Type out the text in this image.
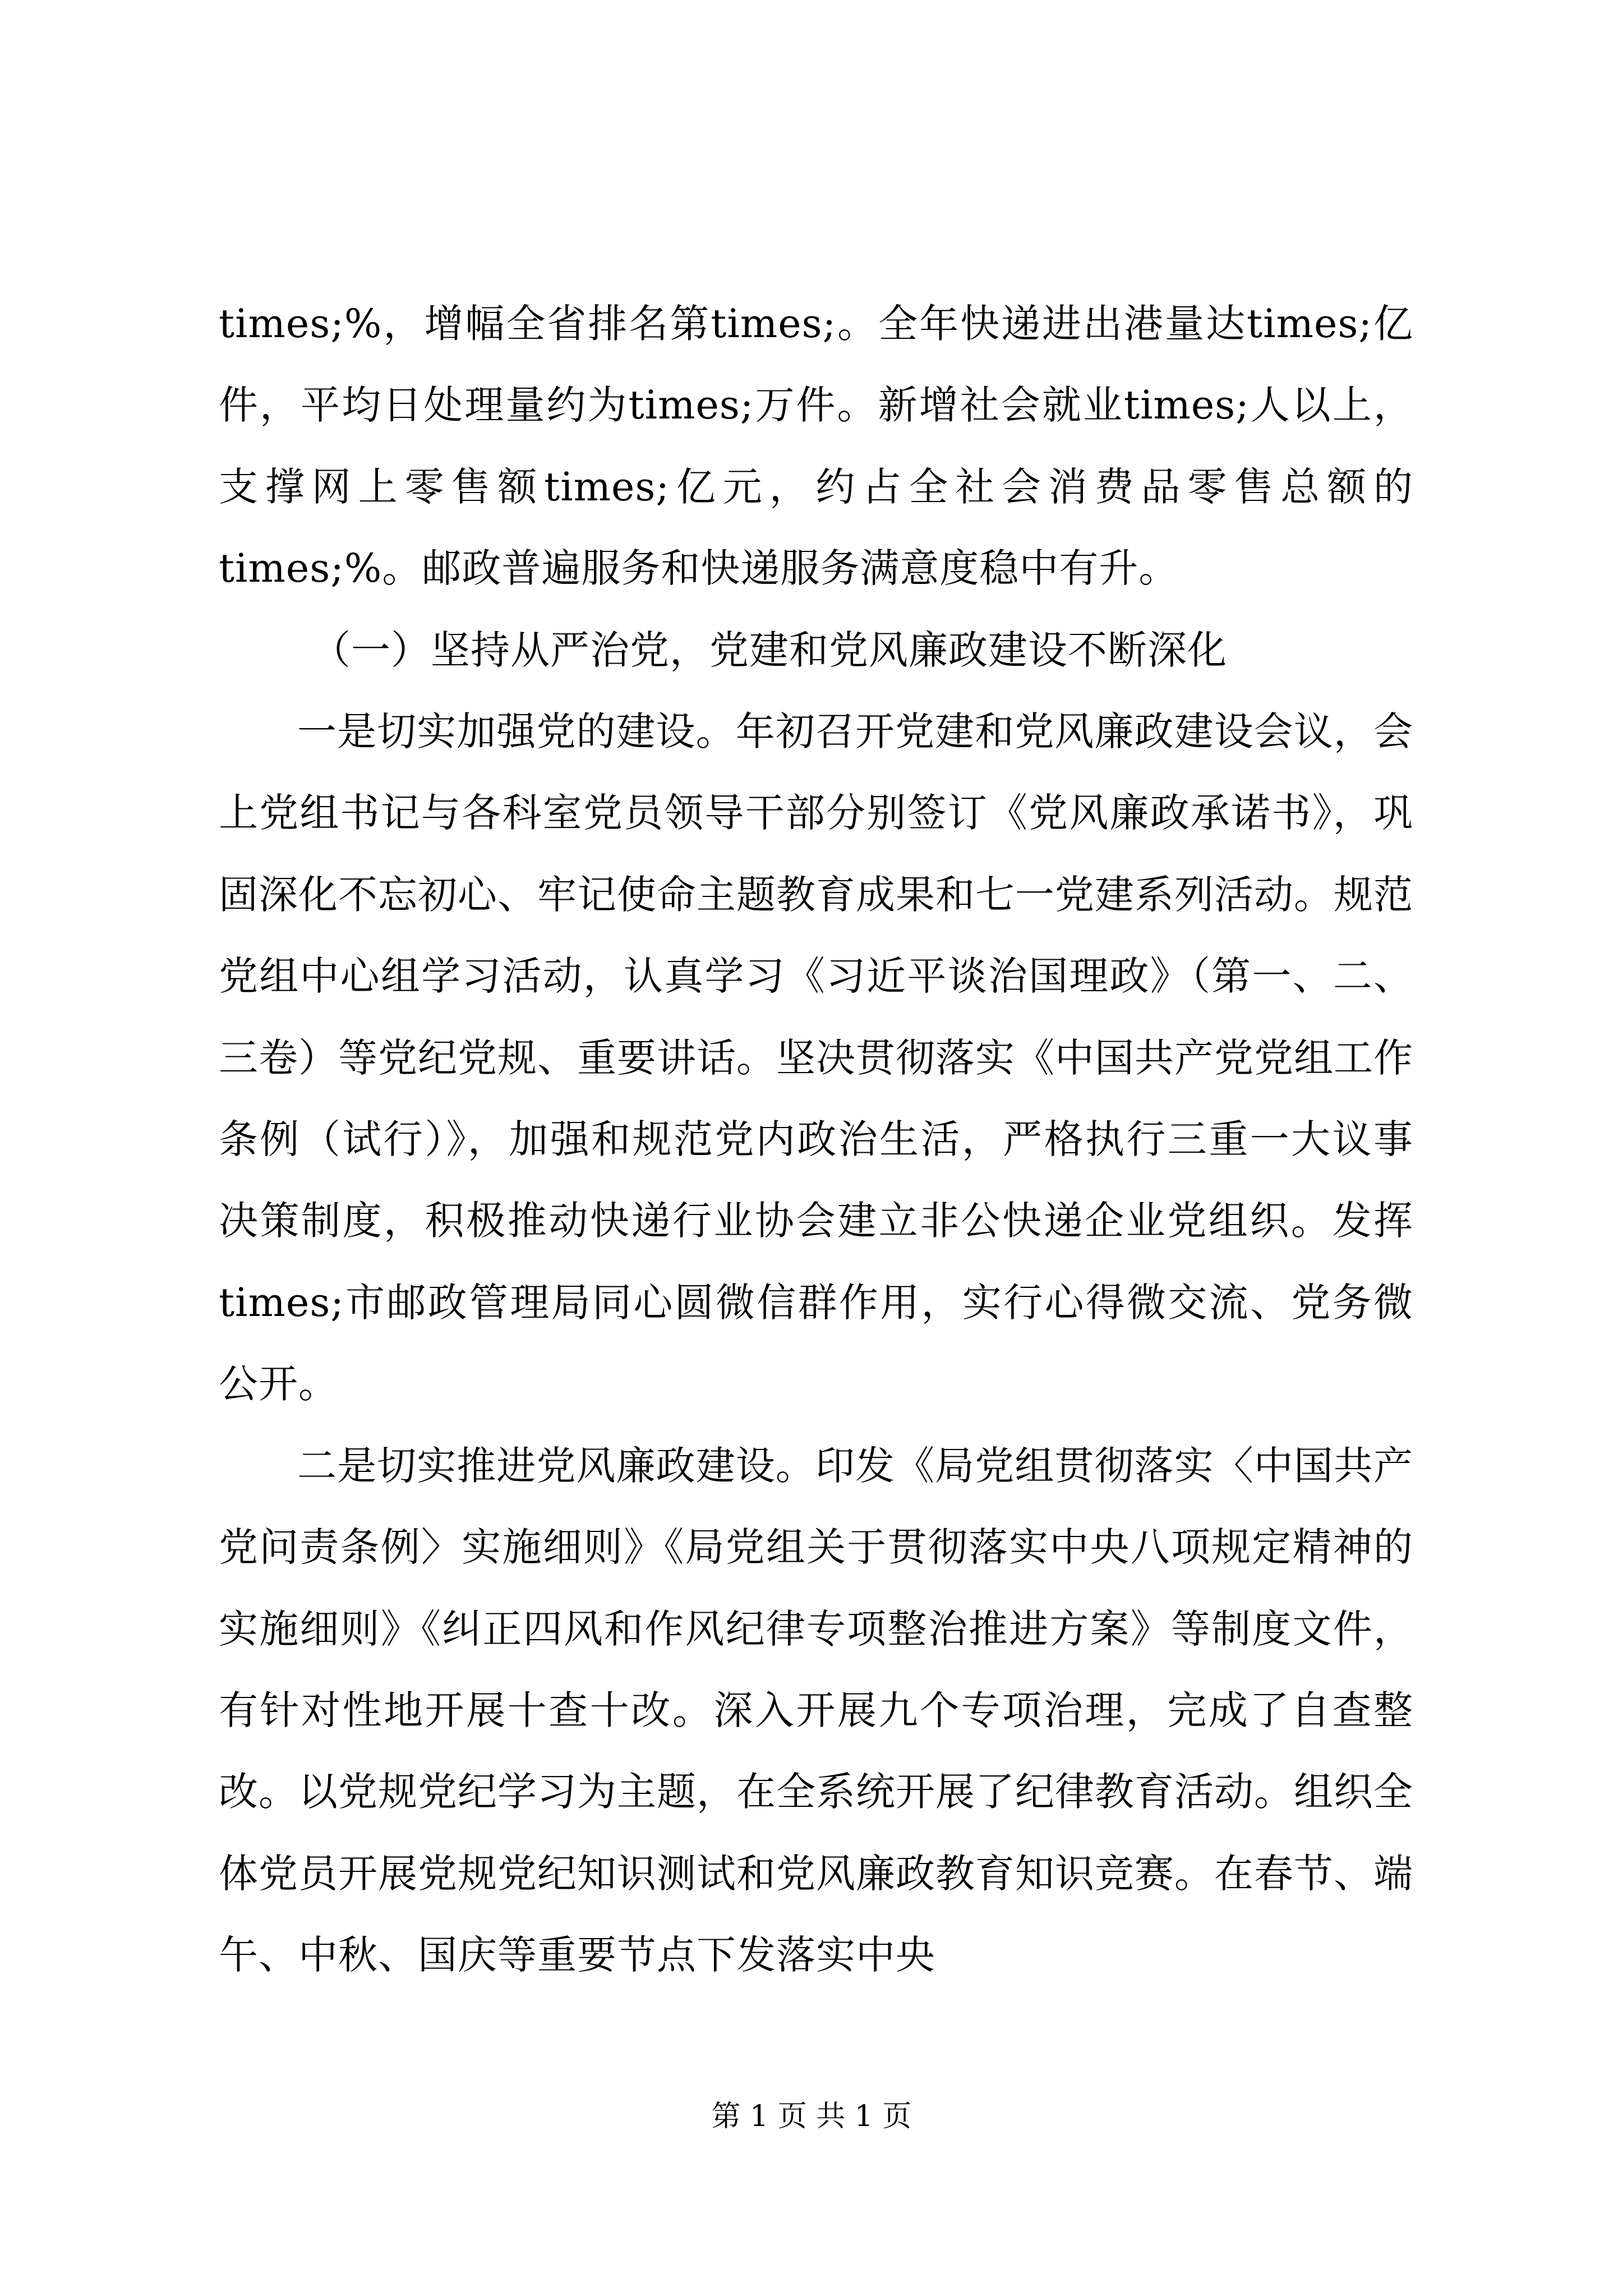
times;%，增幅全省排名第times;。全年快递进出港量达times;亿件，平均日处理量约为times;万件。新增社会就业times;人以上，支撑网上零售额times;亿元，约占全社会消费品零售总额的times;%。邮政普遍服务和快递服务满意度稳中有升。

（一）坚持从严治党，党建和党风廉政建设不断深化

一是切实加强党的建设。年初召开党建和党风廉政建设会议，会上党组书记与各科室党员领导干部分别签订《党风廉政承诺书》，巩固深化不忘初心、牢记使命主题教育成果和七一党建系列活动。规范党组中心组学习活动，认真学习《习近平谈治国理政》（第一、二、三卷）等党纪党规、重要讲话。坚决贯彻落实《中国共产党党组工作条例（试行）》，加强和规范党内政治生活，严格执行三重一大议事决策制度，积极推动快递行业协会建立非公快递企业党组织。发挥times;市邮政管理局同心圆微信群作用，实行心得微交流、党务微公开。

二是切实推进党风廉政建设。印发《局党组贯彻落实〈中国共产党问责条例〉实施细则》《局党组关于贯彻落实中央八项规定精神的实施细则》《纠正四风和作风纪律专项整治推进方案》等制度文件，有针对性地开展十查十改。深入开展九个专项治理，完成了自查整改。以党规党纪学习为主题，在全系统开展了纪律教育活动。组织全体党员开展党规党纪知识测试和党风廉政教育知识竞赛。在春节、端午、中秋、国庆等重要节点下发落实中央

第 1 页 共 1 页
